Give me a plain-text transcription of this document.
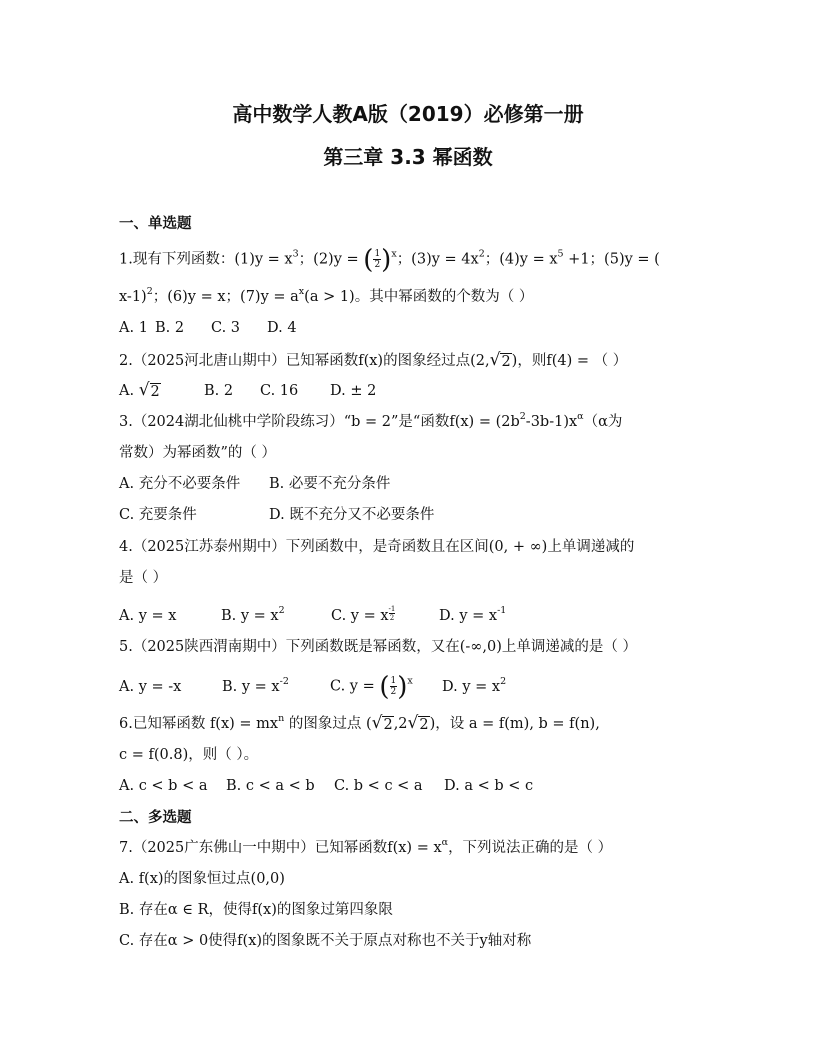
高中数学人教A版（2019）必修第一册
第三章 3.3 幂函数
一、单选题
1.现有下列函数：$(1)y = x^3$；(2)y = ( $\frac{1}{2}$ ) $^x$；$(3)y = 4x^2$；$(4)y = x^5 +1$；(5)y = (
x-1)$^2$；(6)y = x；$(7)y = a^x(a > 1)$。其中幂函数的个数为（ ）
A. 1 B. 2 C. 3 D. 4
2.（2025河北唐山期中）已知幂函数f(x)的图象经过点(2, √ 2 )，则f(4) = （ ）
A. √ 2	B. 2 C. 16 D. ± 2
3.（2024湖北仙桃中学阶段练习）“b = 2”是“函数$f(x) = (2b^2-3b-1)x^\alpha(\alpha$为
常数）为幂函数”的（ ）
A. 充分不必要条件 B. 必要不充分条件
C. 充要条件	D. 既不充分又不必要条件
4.（2025江苏泰州期中）下列函数中，是奇函数且在区间(0, + ∞)上单调递减的
是（ ）
A. y = x	B. $y = x^2$	C. y = x $\frac{-1}{2}$	D. $y = x^{-1}$
5.（2025陕西渭南期中）下列函数既是幂函数，又在(-∞,0)上单调递减的是（ ）
A. y = -x	B. $y = x^{-2}$	C. y = ( $\frac{1}{2}$ ) $^x$ D. $y = x^2$
6.已知幂函数 $f(x) = mx^n$ 的图象过点 ( √ 2 ,2 √ 2 )，设 a = f(m), b = f(n),
c = f(0.8)，则（ ）。
A. c < b < a B. c < a < b C. b < c < a D. a < b < c
二、多选题
7.（2025广东佛山一中期中）已知幂函数$f(x) = x^\alpha$，下列说法正确的是（ ）
A. f(x)的图象恒过点(0,0)
B. 存在α ∈ R，使得f(x)的图象过第四象限
C. 存在α > 0使得f(x)的图象既不关于原点对称也不关于y轴对称
